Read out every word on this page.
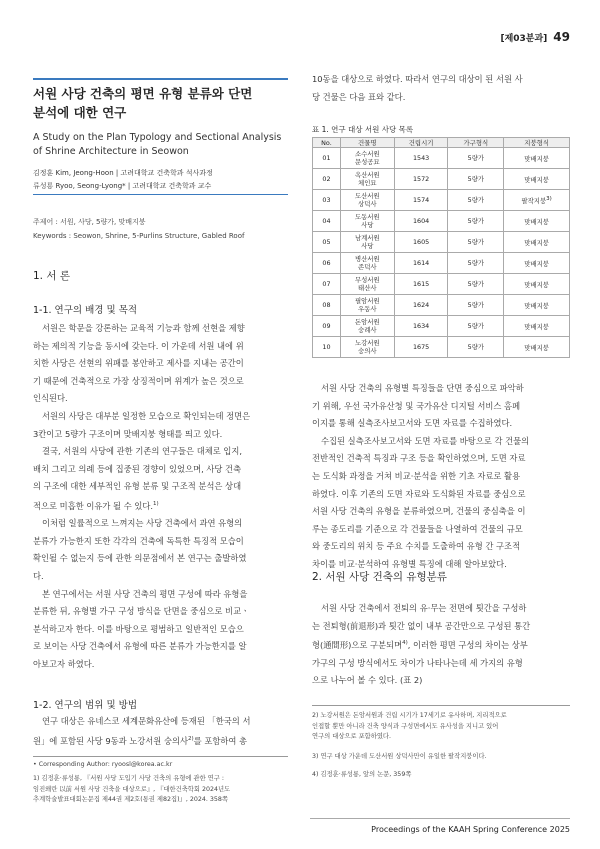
[제03분과] 49
서원 사당 건축의 평면 유형 분류와 단면
분석에 대한 연구
A Study on the Plan Typology and Sectional Analysis
of Shrine Architecture in Seowon
김정훈 Kim, Jeong-Hoon | 고려대학교 건축학과 석사과정
류성룡 Ryoo, Seong-Lyong* | 고려대학교 건축학과 교수
주제어 : 서원, 사당, 5량가, 맞배지붕
Keywords : Seowon, Shrine, 5-Purlins Structure, Gabled Roof
1. 서 론
1-1. 연구의 배경 및 목적

서원은 학문을 강론하는 교육적 기능과 함께 선현을 제향
하는 제의적 기능을 동시에 갖는다. 이 가운데 서원 내에 위
치한 사당은 선현의 위패를 봉안하고 제사를 지내는 공간이
기 때문에 건축적으로 가장 상징적이며 위계가 높은 것으로
인식된다.

서원의 사당은 대부분 일정한 모습으로 확인되는데 정면은
3칸이고 5량가 구조이며 맞배지붕 형태를 띄고 있다.

결국, 서원의 사당에 관한 기존의 연구들은 대체로 입지,
배치 그리고 의례 등에 집중된 경향이 있었으며, 사당 건축
의 구조에 대한 세부적인 유형 분류 및 구조적 분석은 상대
적으로 미흡한 이유가 될 수 있다.$^{1)}$

이처럼 일률적으로 느껴지는 사당 건축에서 과연 유형의
분류가 가능한지 또한 각각의 건축에 독특한 특징적 모습이
확인될 수 없는지 등에 관한 의문점에서 본 연구는 출발하였
다.

본 연구에서는 서원 사당 건축의 평면 구성에 따라 유형을
분류한 뒤, 유형별 가구 구성 방식을 단면을 중심으로 비교ㆍ
분석하고자 한다. 이를 바탕으로 평범하고 일반적인 모습으
로 보이는 사당 건축에서 유형에 따른 분류가 가능한지를 알
아보고자 하였다.

1-2. 연구의 범위 및 방법

연구 대상은 유네스코 세계문화유산에 등재된 「한국의 서
원」에 포함된 사당 9동과 노강서원 숭의사$^{2)}$를 포함하여 총

• Corresponding Author: ryoosl@korea.ac.kr
1) 김정훈·류성룡, 『서원 사당 도입기 사당 건축의 유형에 관한 연구 :
임진왜란 以前 서원 사당 건축을 대상으로』, 『대한건축학회 2024년도
추계학술발표대회논문집 제44권 제2호(통권 제82집)』, 2024. 358쪽

10동을 대상으로 하였다. 따라서 연구의 대상이 된 서원 사
당 건물은 다음 표와 같다.

표 1. 연구 대상 서원 사당 목록
No.	건물명	건립시기	가구형식	지붕형식
01	소수서원
문성공묘	1543	5량가	맞배지붕
02	옥산서원
체인묘	1572	5량가	맞배지붕
03	도산서원
상덕사	1574	5량가	팔작지붕3)
04	도동서원
사당	1604	5량가	맞배지붕
05	남계서원
사당	1605	5량가	맞배지붕
06	병산서원
존덕사	1614	5량가	맞배지붕
07	무성서원
태산사	1615	5량가	맞배지붕
08	필암서원
우동사	1624	5량가	맞배지붕
09	돈암서원
숭례사	1634	5량가	맞배지붕
10	노강서원
숭의사	1675	5량가	맞배지붕

서원 사당 건축의 유형별 특징들을 단면 중심으로 파악하
기 위해, 우선 국가유산청 및 국가유산 디지털 서비스 홈페
이지를 통해 실측조사보고서와 도면 자료를 수집하였다.

수집된 실측조사보고서와 도면 자료를 바탕으로 각 건물의
전반적인 건축적 특징과 구조 등을 확인하였으며, 도면 자료
는 도식화 과정을 거쳐 비교·분석을 위한 기초 자료로 활용
하였다. 이후 기존의 도면 자료와 도식화된 자료를 중심으로
서원 사당 건축의 유형을 분류하였으며, 건물의 중심축을 이
루는 종도리를 기준으로 각 건물들을 나열하여 건물의 규모
와 중도리의 위치 등 주요 수치를 도출하여 유형 간 구조적
차이를 비교·분석하여 유형별 특징에 대해 알아보았다.

2. 서원 사당 건축의 유형분류

서원 사당 건축에서 전퇴의 유·무는 전면에 툇간을 구성하
는 전퇴형(前退形)과 툇간 없이 내부 공간만으로 구성된 통간
형(通間形)으로 구분되며$^{4)}$, 이러한 평면 구성의 차이는 상부
가구의 구성 방식에서도 차이가 나타나는데 세 가지의 유형
으로 나누어 볼 수 있다. (표 2)

2) 노강서원은 돈암서원과 건립 시기가 17세기로 유사하며, 지리적으로
인접할 뿐만 아니라 건축 양식과 구성면에서도 유사성을 지니고 있어
연구의 대상으로 포함하였다.
3) 연구 대상 가운데 도산서원 상덕사만이 유일한 팔작지붕이다.
4) 김정훈·류성룡, 앞의 논문, 359쪽
Proceedings of the KAAH Spring Conference 2025
